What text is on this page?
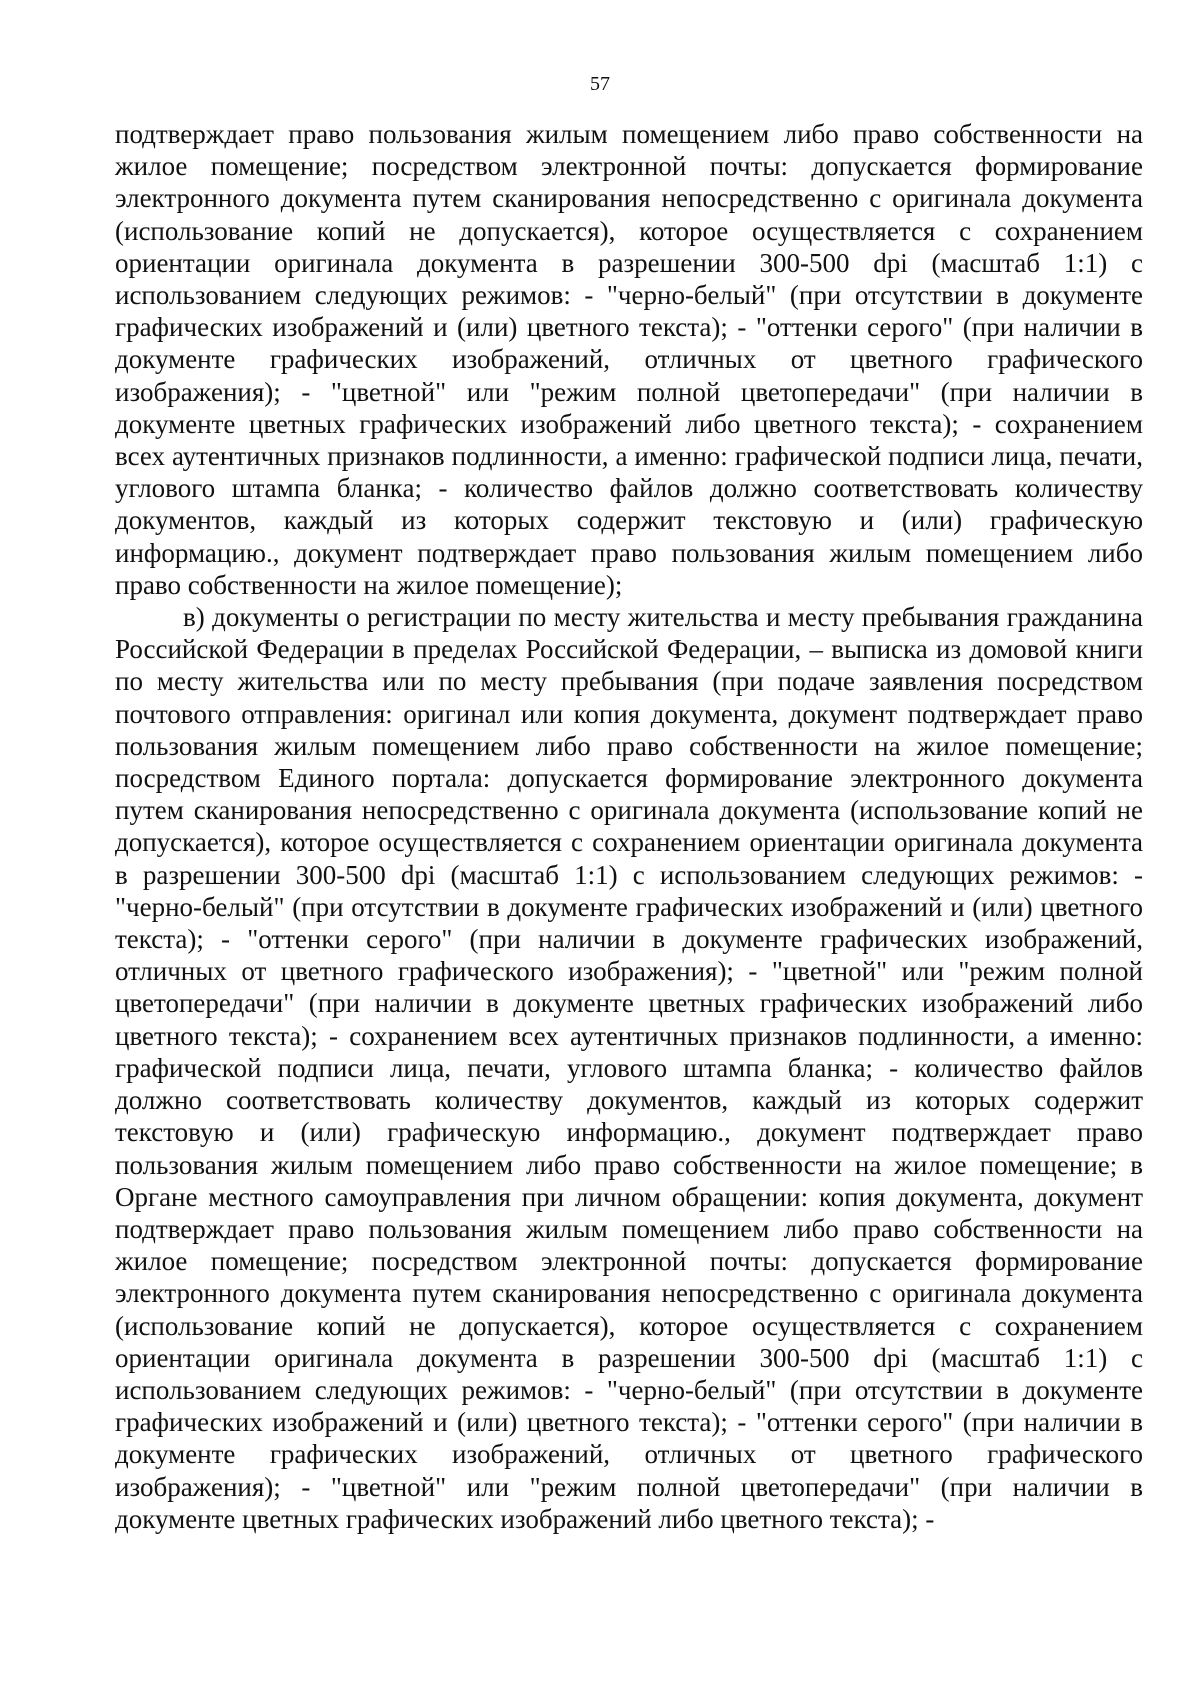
57

подтверждает право пользования жилым помещением либо право собственности на жилое помещение; посредством электронной почты: допускается формирование электронного документа путем сканирования непосредственно с оригинала документа (использование копий не допускается), которое осуществляется с сохранением ориентации оригинала документа в разрешении 300-500 dpi (масштаб 1:1) с использованием следующих режимов: - "черно-белый" (при отсутствии в документе графических изображений и (или) цветного текста); - "оттенки серого" (при наличии в документе графических изображений, отличных от цветного графического изображения); - "цветной" или "режим полной цветопередачи" (при наличии в документе цветных графических изображений либо цветного текста); - сохранением всех аутентичных признаков подлинности, а именно: графической подписи лица, печати, углового штампа бланка; - количество файлов должно соответствовать количеству документов, каждый из которых содержит текстовую и (или) графическую информацию., документ подтверждает право пользования жилым помещением либо право собственности на жилое помещение);

в) документы о регистрации по месту жительства и месту пребывания гражданина Российской Федерации в пределах Российской Федерации, – выписка из домовой книги по месту жительства или по месту пребывания (при подаче заявления посредством почтового отправления: оригинал или копия документа, документ подтверждает право пользования жилым помещением либо право собственности на жилое помещение; посредством Единого портала: допускается формирование электронного документа путем сканирования непосредственно с оригинала документа (использование копий не допускается), которое осуществляется с сохранением ориентации оригинала документа в разрешении 300-500 dpi (масштаб 1:1) с использованием следующих режимов: - "черно-белый" (при отсутствии в документе графических изображений и (или) цветного текста); - "оттенки серого" (при наличии в документе графических изображений, отличных от цветного графического изображения); - "цветной" или "режим полной цветопередачи" (при наличии в документе цветных графических изображений либо цветного текста); - сохранением всех аутентичных признаков подлинности, а именно: графической подписи лица, печати, углового штампа бланка; - количество файлов должно соответствовать количеству документов, каждый из которых содержит текстовую и (или) графическую информацию., документ подтверждает право пользования жилым помещением либо право собственности на жилое помещение; в Органе местного самоуправления при личном обращении: копия документа, документ подтверждает право пользования жилым помещением либо право собственности на жилое помещение; посредством электронной почты: допускается формирование электронного документа путем сканирования непосредственно с оригинала документа (использование копий не допускается), которое осуществляется с сохранением ориентации оригинала документа в разрешении 300-500 dpi (масштаб 1:1) с использованием следующих режимов: - "черно-белый" (при отсутствии в документе графических изображений и (или) цветного текста); - "оттенки серого" (при наличии в документе графических изображений, отличных от цветного графического изображения); - "цветной" или "режим полной цветопередачи" (при наличии в документе цветных графических изображений либо цветного текста); -
